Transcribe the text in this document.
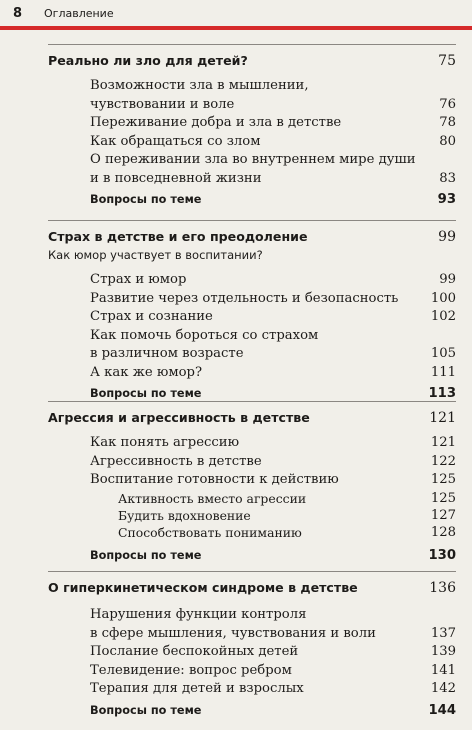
8 Оглавление
Реально ли зло для детей?	75
Возможности зла в мышлении,
чувствовании и воле	76
Переживание добра и зла в детстве	78
Как обращаться со злом	80
О переживании зла во внутреннем мире души
и в повседневной жизни	83
Вопросы по теме	93
Страх в детстве и его преодоление	99
Как юмор участвует в воспитании?
Страх и юмор	99
Развитие через отдельность и безопасность	100
Страх и сознание	102
Как помочь бороться со страхом
в различном возрасте	105
А как же юмор?	111
Вопросы по теме	113
Агрессия и агрессивность в детстве	121
Как понять агрессию	121
Агрессивность в детстве	122
Воспитание готовности к действию	125
Активность вместо агрессии	125
Будить вдохновение	127
Способствовать пониманию	128
Вопросы по теме	130
О гиперкинетическом синдроме в детстве	136
Нарушения функции контроля
в сфере мышления, чувствования и воли	137
Послание беспокойных детей	139
Телевидение: вопрос ребром	141
Терапия для детей и взрослых	142
Вопросы по теме	144
